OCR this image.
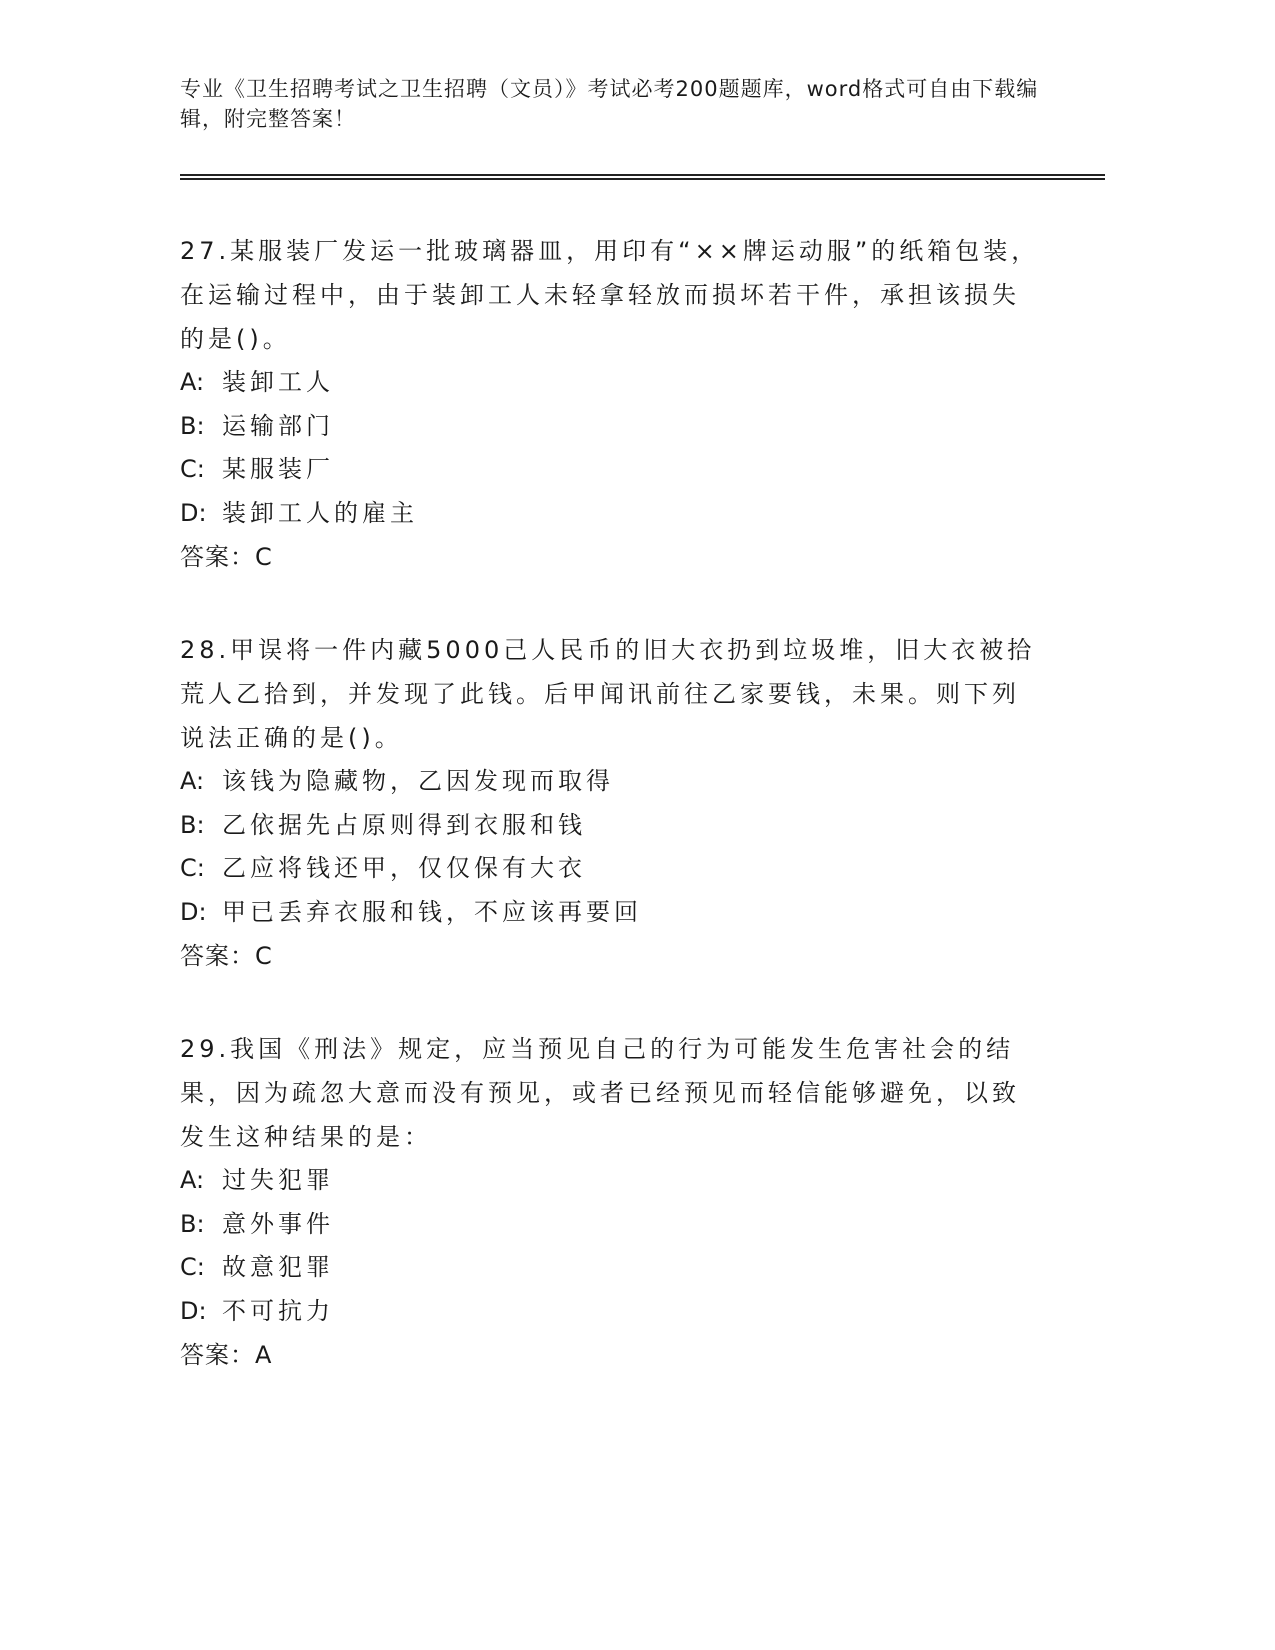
专业《卫生招聘考试之卫生招聘（文员）》考试必考200题题库，word格式可自由下载编辑，附完整答案！

27.某服装厂发运一批玻璃器皿，用印有“××牌运动服”的纸箱包装，在运输过程中，由于装卸工人未轻拿轻放而损坏若干件，承担该损失的是()。

A: 装卸工人

B: 运输部门

C: 某服装厂

D: 装卸工人的雇主

答案：C

28.甲误将一件内藏5000己人民币的旧大衣扔到垃圾堆，旧大衣被拾荒人乙拾到，并发现了此钱。后甲闻讯前往乙家要钱，未果。则下列说法正确的是()。

A: 该钱为隐藏物，乙因发现而取得

B: 乙依据先占原则得到衣服和钱

C: 乙应将钱还甲，仅仅保有大衣

D: 甲已丢弃衣服和钱，不应该再要回

答案：C

29.我国《刑法》规定，应当预见自己的行为可能发生危害社会的结果，因为疏忽大意而没有预见，或者已经预见而轻信能够避免，以致发生这种结果的是：

A: 过失犯罪

B: 意外事件

C: 故意犯罪

D: 不可抗力

答案：A
